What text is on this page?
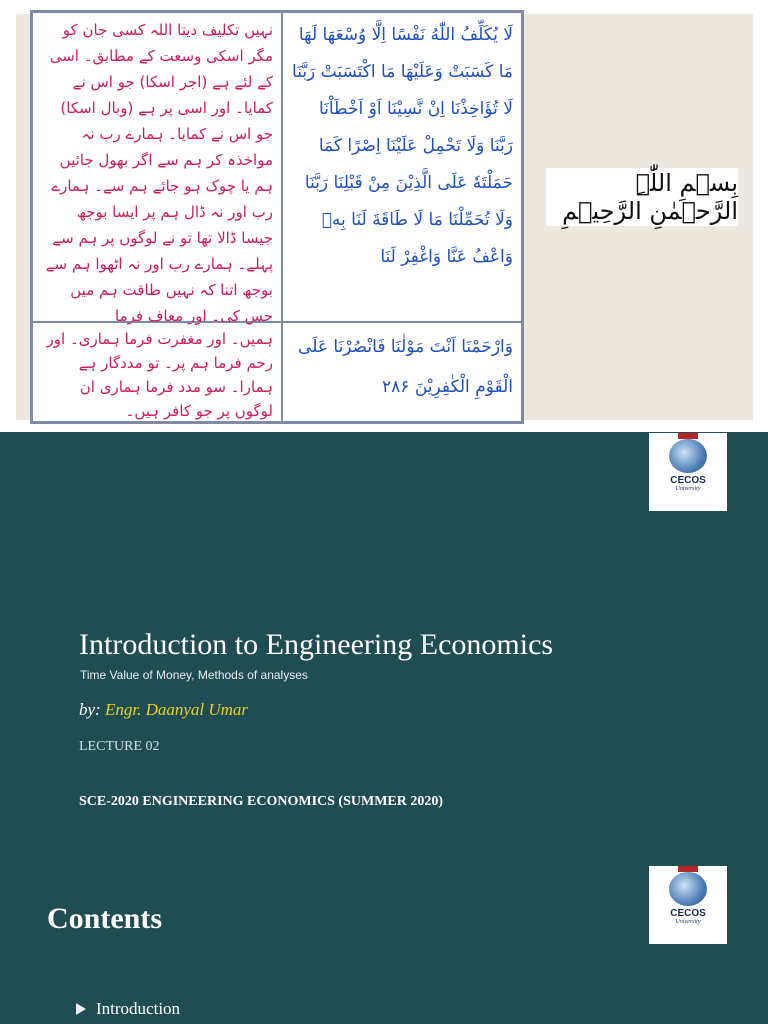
نہیں تکلیف دیتا اللہ کسی جان کو مگر اسکی وسعت کے مطابق۔ اسی کے لئے ہے (اجر اسکا) جو اس نے کمایا۔ اور اسی پر ہے (وبال اسکا) جو اس نے کمایا۔ ہمارے رب نہ مواخذہ کر ہم سے اگر بھول جائیں ہم یا چوک ہو جائے ہم سے۔ ہمارے رب اور نہ ڈال ہم پر ایسا بوجھ جیسا ڈالا تھا تو نے لوگوں پر ہم سے پہلے۔ ہمارے رب اور نہ اٹھوا ہم سے بوجھ اتنا کہ نہیں طاقت ہم میں جس کی۔ اور معاف فرما
لَا يُكَلِّفُ اللّٰهُ نَفْسًا اِلَّا وُسْعَهَا لَهَا مَا كَسَبَتْ وَعَلَيْهَا مَا اكْتَسَبَتْ رَبَّنَا لَا تُؤَاخِذْنَا اِنْ نَّسِيْنَا اَوْ اَخْطَاْنَا رَبَّنَا وَلَا تَحْمِلْ عَلَيْنَا اِصْرًا كَمَا حَمَلْتَهٗ عَلَى الَّذِيْنَ مِنْ قَبْلِنَا رَبَّنَا وَلَا تُحَمِّلْنَا مَا لَا طَاقَةَ لَنَا بِهٖ وَاعْفُ عَنَّا وَاغْفِرْ لَنَا
ہمیں۔ اور مغفرت فرما ہماری۔ اور رحم فرما ہم پر۔ تو مددگار ہے ہمارا۔ سو مدد فرما ہماری ان لوگوں پر جو کافر ہیں۔
وَارْحَمْنَا اَنْتَ مَوْلٰنَا فَانْصُرْنَا عَلَى الْقَوْمِ الْكٰفِرِيْنَ ۲۸۶
بِسۡمِ اللّٰہِ الرَّحۡمٰنِ الرَّحِیۡمِ
CECOS
University
Introduction to Engineering Economics
Time Value of Money, Methods of analyses
by: Engr. Daanyal Umar
LECTURE 02
SCE-2020 ENGINEERING ECONOMICS (SUMMER 2020)
CECOS
University
Contents
Introduction
